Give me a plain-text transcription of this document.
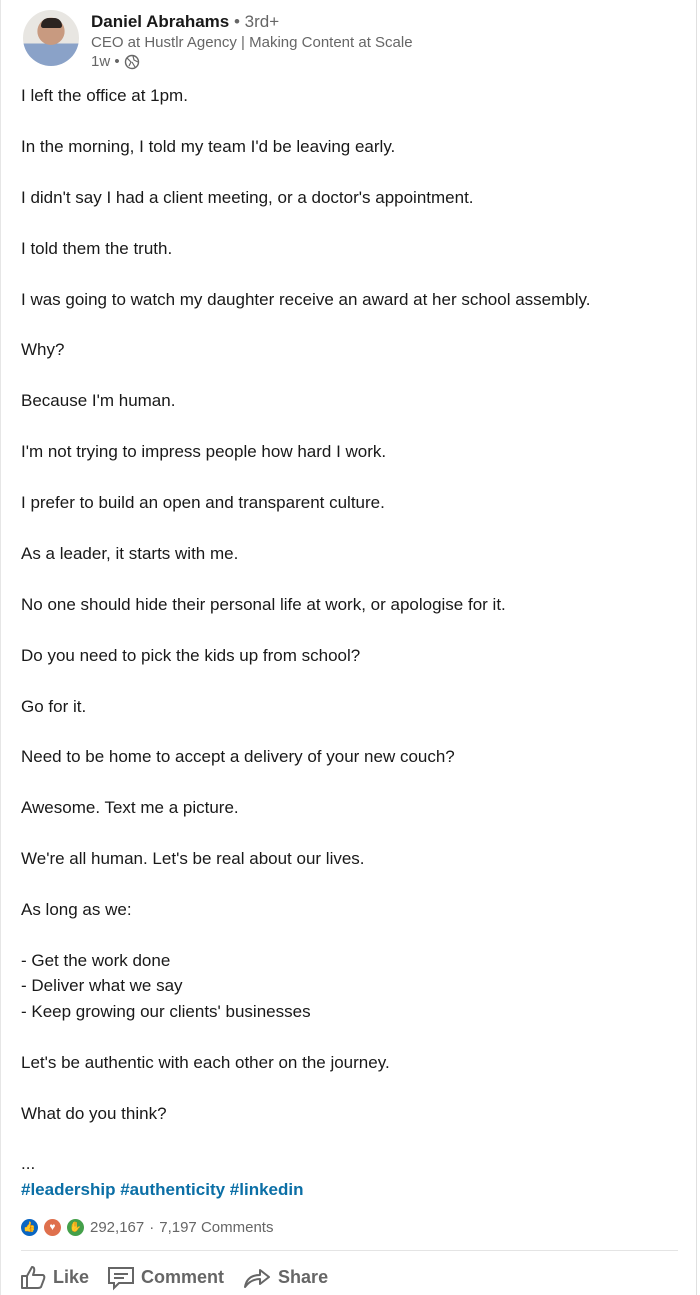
Daniel Abrahams • 3rd+
CEO at Hustlr Agency | Making Content at Scale
1w •
I left the office at 1pm.
In the morning, I told my team I'd be leaving early.
I didn't say I had a client meeting, or a doctor's appointment.
I told them the truth.
I was going to watch my daughter receive an award at her school assembly.
Why?
Because I'm human.
I'm not trying to impress people how hard I work.
I prefer to build an open and transparent culture.
As a leader, it starts with me.
No one should hide their personal life at work, or apologise for it.
Do you need to pick the kids up from school?
Go for it.
Need to be home to accept a delivery of your new couch?
Awesome. Text me a picture.
We're all human. Let's be real about our lives.
As long as we:
- Get the work done
- Deliver what we say
- Keep growing our clients' businesses
Let's be authentic with each other on the journey.
What do you think?
...
#leadership #authenticity #linkedin
👍	♥	✋ 292,167 · 7,197 Comments
Like	Comment	Share
